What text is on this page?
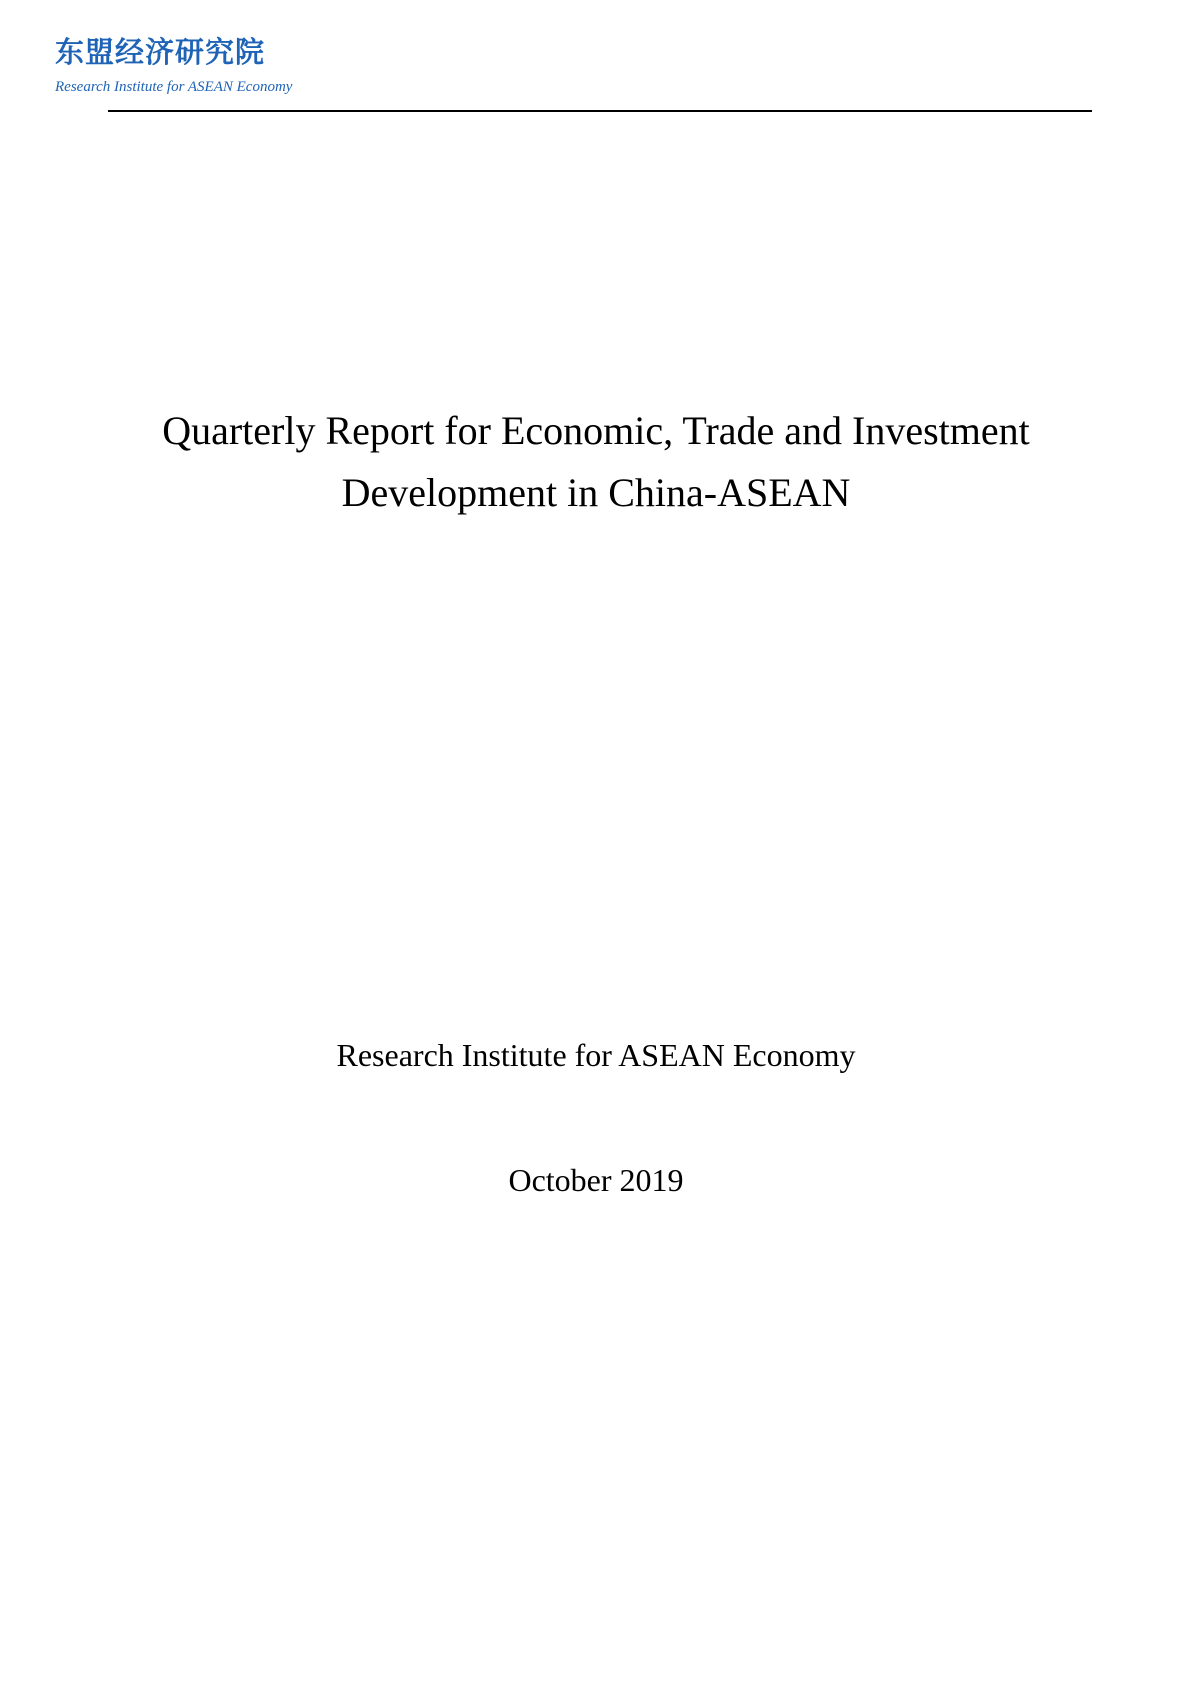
东盟经济研究院
Research Institute for ASEAN Economy
Quarterly Report for Economic, Trade and Investment
Development in China-ASEAN
Research Institute for ASEAN Economy
October 2019
